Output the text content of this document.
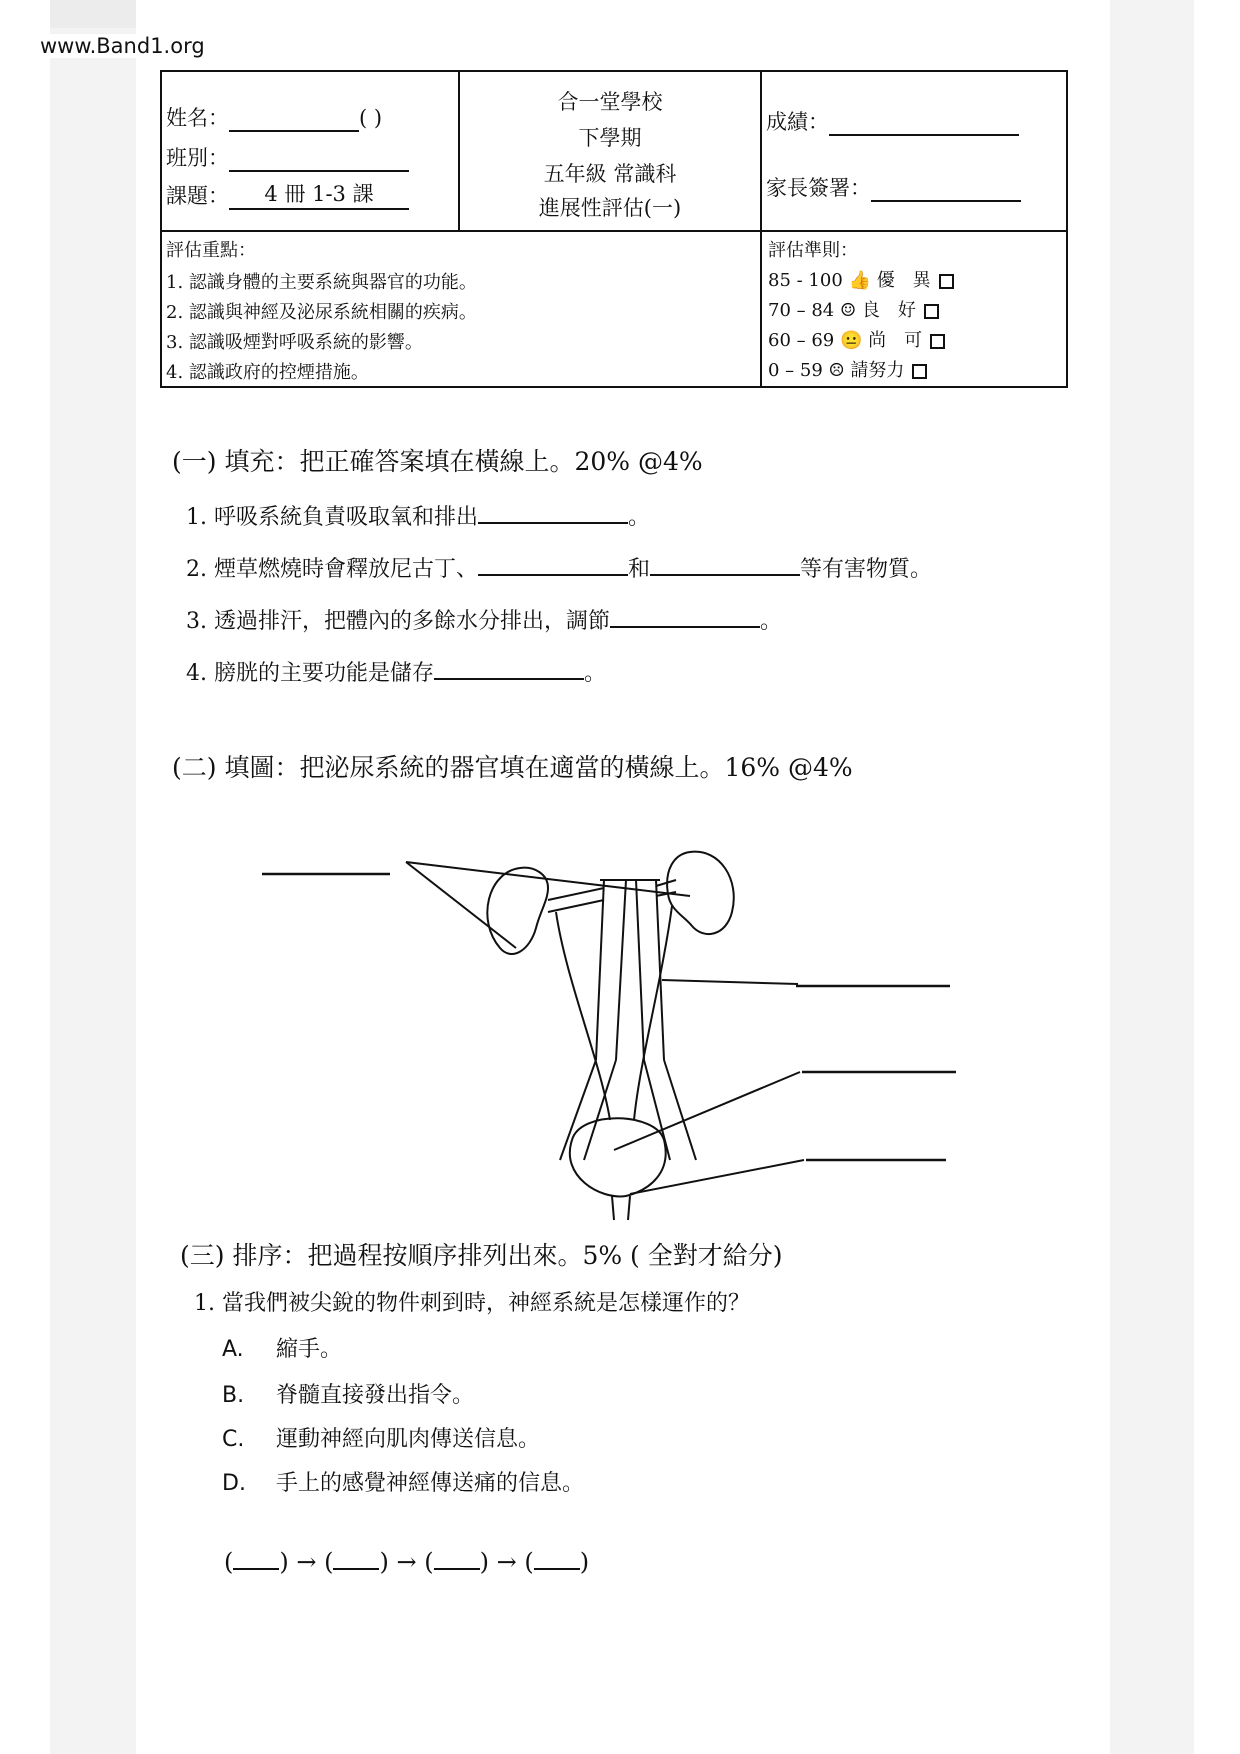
www.Band1.org
姓名：	( )
班別：
課題： 4 冊 1-3 課
合一堂學校
下學期
五年級 常識科
進展性評估(一)
成績：
家長簽署：
評估重點：
1. 認識身體的主要系統與器官的功能。
2. 認識與神經及泌尿系統相關的疾病。
3. 認識吸煙對呼吸系統的影響。
4. 認識政府的控煙措施。
評估準則：
85 - 100 👍 優　異
70 – 84 ☺ 良　好
60 – 69 😐 尚　可
0 – 59 ☹ 請努力
(一) 填充：把正確答案填在橫線上。20% @4%
1. 呼吸系統負責吸取氧和排出	。
2. 煙草燃燒時會釋放尼古丁、	和	等有害物質。
3. 透過排汗，把體內的多餘水分排出，調節	。
4. 膀胱的主要功能是儲存	。
(二) 填圖：把泌尿系統的器官填在適當的橫線上。16% @4%
(三) 排序：把過程按順序排列出來。5% ( 全對才給分)
1. 當我們被尖銳的物件刺到時，神經系統是怎樣運作的？
A. 縮手。
B. 脊髓直接發出指令。
C. 運動神經向肌肉傳送信息。
D. 手上的感覺神經傳送痛的信息。
( ) → ( ) → ( ) → ( )
